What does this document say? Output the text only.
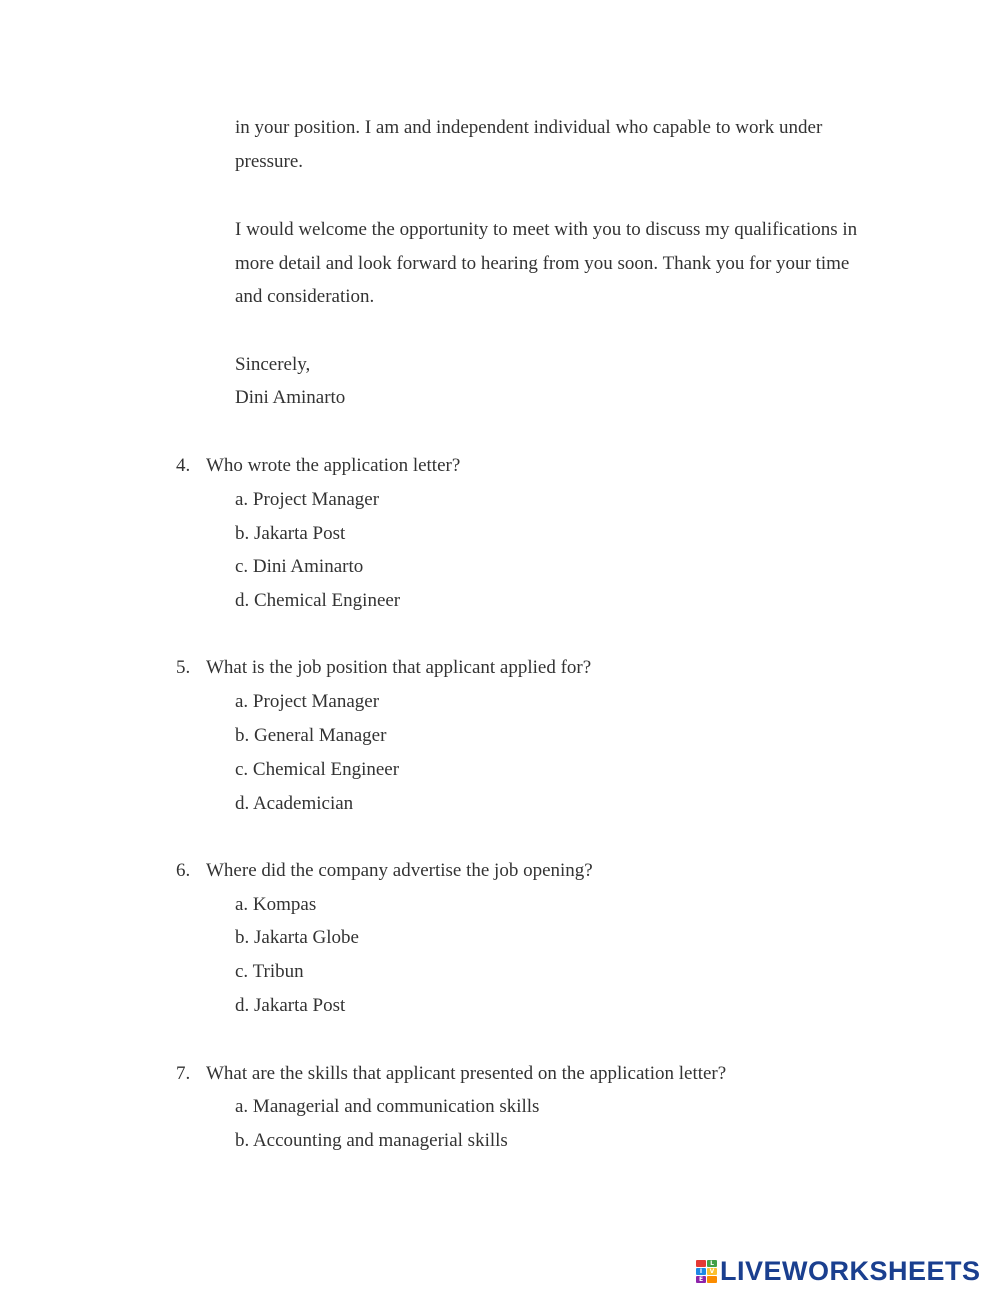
in your position. I am and independent individual who capable to work under
pressure.
I would welcome the opportunity to meet with you to discuss my qualifications in
more detail and look forward to hearing from you soon. Thank you for your time
and consideration.
Sincerely,
Dini Aminarto
4. Who wrote the application letter?
a. Project Manager
b. Jakarta Post
c. Dini Aminarto
d. Chemical Engineer
5. What is the job position that applicant applied for?
a. Project Manager
b. General Manager
c. Chemical Engineer
d. Academician
6. Where did the company advertise the job opening?
a. Kompas
b. Jakarta Globe
c. Tribun
d. Jakarta Post
7. What are the skills that applicant presented on the application letter?
a. Managerial and communication skills
b. Accounting and managerial skills
L
I	V
E LIVEWORKSHEETS
